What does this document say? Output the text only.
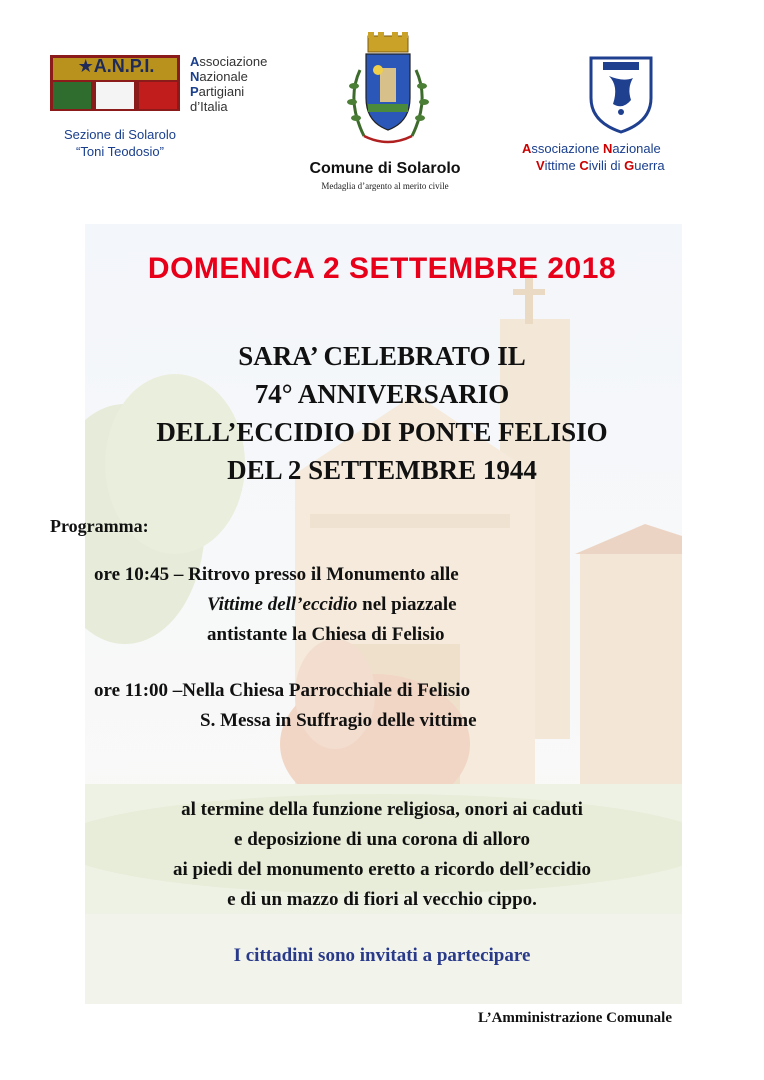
★A.N.P.I.	Associazione
Nazionale
Partigiani
d’Italia
Sezione di Solarolo
“Toni Teodosio”
Comune di Solarolo
Medaglia d’argento al merito civile
Associazione Nazionale
Vittime Civili di Guerra
DOMENICA 2 SETTEMBRE 2018
SARA’ CELEBRATO IL
74° ANNIVERSARIO
DELL’ECCIDIO DI PONTE FELISIO
DEL 2 SETTEMBRE 1944
Programma:
ore 10:45 – Ritrovo presso il Monumento alle
Vittime dell’eccidio nel piazzale
antistante la Chiesa di Felisio
ore 11:00 –Nella Chiesa Parrocchiale di Felisio
S. Messa in Suffragio delle vittime
al termine della funzione religiosa, onori ai caduti
e deposizione di una corona di alloro
ai piedi del monumento eretto a ricordo dell’eccidio
e di un mazzo di fiori al vecchio cippo.
I cittadini sono invitati a partecipare
L’Amministrazione Comunale
